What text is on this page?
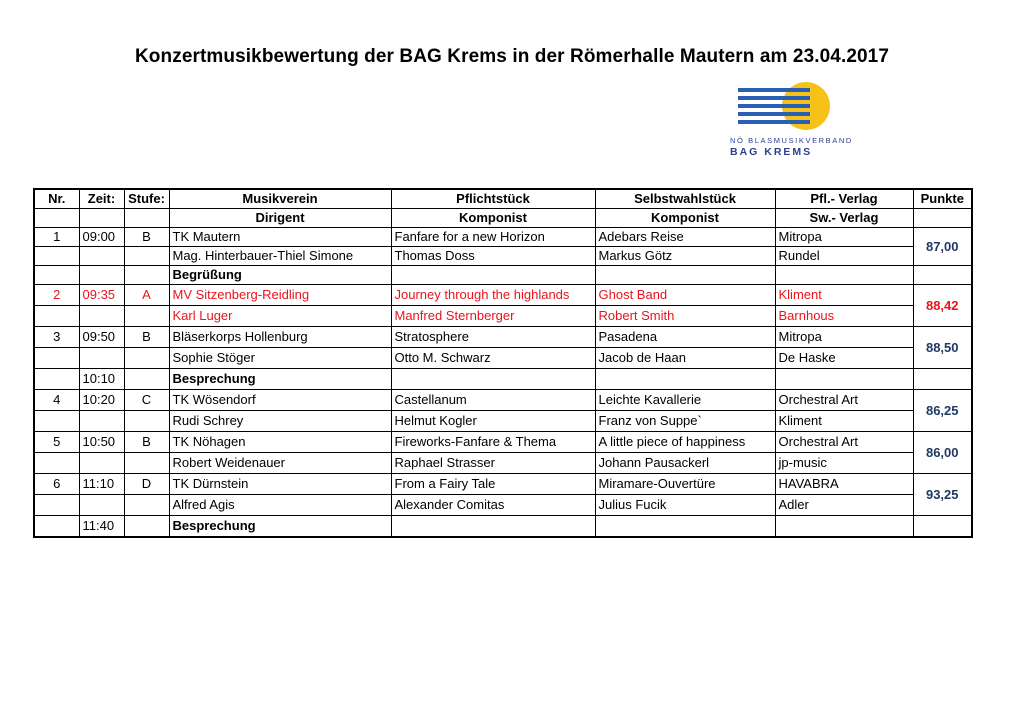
Konzertmusikbewertung der BAG Krems in der Römerhalle Mautern am 23.04.2017
NÖ BLASMUSIKVERBAND
BAG KREMS
Nr.	Zeit:	Stufe:	Musikverein	Pflichtstück	Selbstwahlstück	Pfl.- Verlag	Punkte
			Dirigent	Komponist	Komponist	Sw.- Verlag	
1	09:00	B	TK Mautern	Fanfare for a new Horizon	Adebars Reise	Mitropa	87,00
			Mag. Hinterbauer-Thiel Simone	Thomas Doss	Markus Götz	Rundel	
			Begrüßung				
2	09:35	A	MV Sitzenberg-Reidling	Journey through the highlands	Ghost Band	Kliment	88,42
			Karl Luger	Manfred Sternberger	Robert Smith	Barnhous	
3	09:50	B	Bläserkorps Hollenburg	Stratosphere	Pasadena	Mitropa	88,50
			Sophie Stöger	Otto M. Schwarz	Jacob de Haan	De Haske	
	10:10		Besprechung				
4	10:20	C	TK Wösendorf	Castellanum	Leichte Kavallerie	Orchestral Art	86,25
			Rudi Schrey	Helmut Kogler	Franz von Suppe`	Kliment	
5	10:50	B	TK Nöhagen	Fireworks-Fanfare & Thema	A little piece of happiness	Orchestral Art	86,00
			Robert Weidenauer	Raphael Strasser	Johann Pausackerl	jp-music	
6	11:10	D	TK Dürnstein	From a Fairy Tale	Miramare-Ouvertüre	HAVABRA	93,25
			Alfred Agis	Alexander Comitas	Julius Fucik	Adler	
	11:40		Besprechung				
